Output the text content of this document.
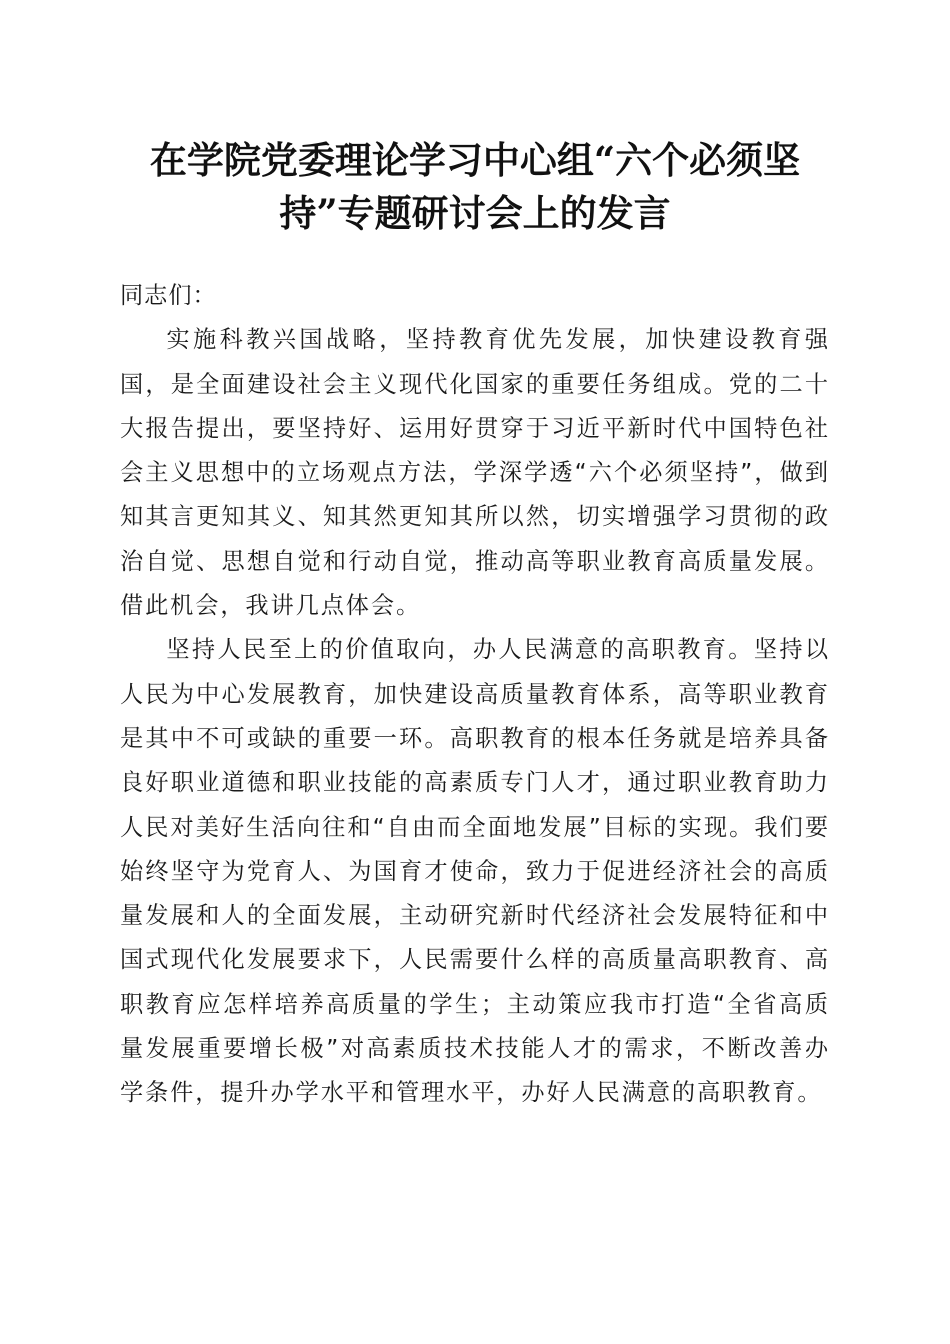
在学院党委理论学习中心组“六个必须坚
持”专题研讨会上的发言

同志们：

实施科教兴国战略，坚持教育优先发展，加快建设教育强国，是全面建设社会主义现代化国家的重要任务组成。党的二十大报告提出，要坚持好、运用好贯穿于习近平新时代中国特色社会主义思想中的立场观点方法，学深学透“六个必须坚持”，做到知其言更知其义、知其然更知其所以然，切实增强学习贯彻的政治自觉、思想自觉和行动自觉，推动高等职业教育高质量发展。借此机会，我讲几点体会。

坚持人民至上的价值取向，办人民满意的高职教育。坚持以人民为中心发展教育，加快建设高质量教育体系，高等职业教育是其中不可或缺的重要一环。高职教育的根本任务就是培养具备良好职业道德和职业技能的高素质专门人才，通过职业教育助力人民对美好生活向往和“自由而全面地发展”目标的实现。我们要始终坚守为党育人、为国育才使命，致力于促进经济社会的高质量发展和人的全面发展，主动研究新时代经济社会发展特征和中国式现代化发展要求下，人民需要什么样的高质量高职教育、高职教育应怎样培养高质量的学生；主动策应我市打造“全省高质量发展重要增长极”对高素质技术技能人才的需求，不断改善办学条件，提升办学水平和管理水平，办好人民满意的高职教育。
